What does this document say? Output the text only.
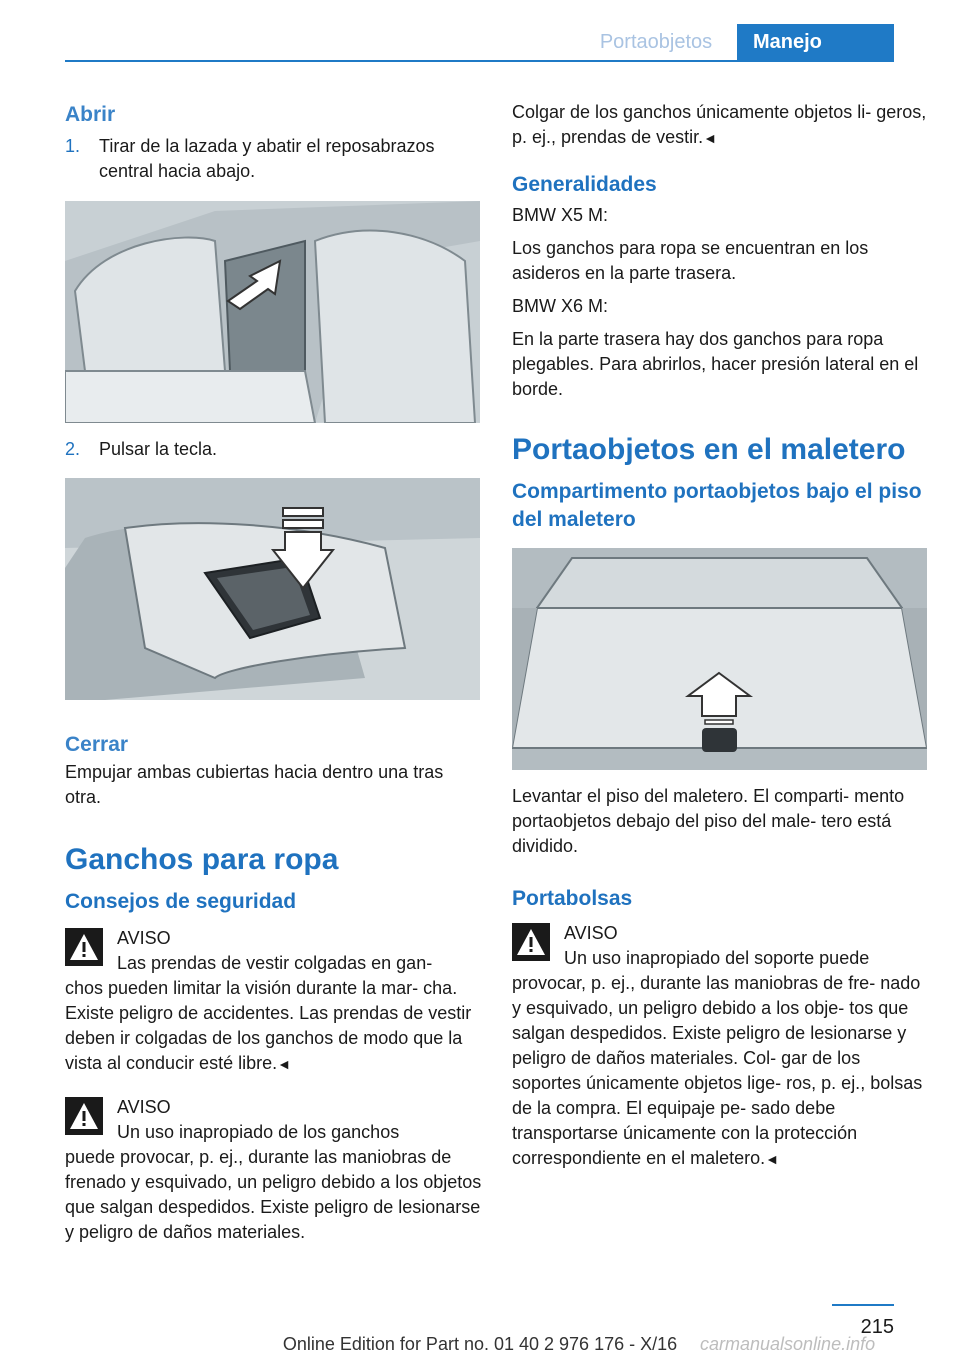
Portaobjetos	Manejo
Abrir
1. Tirar de la lazada y abatir el reposabrazos central hacia abajo.
2. Pulsar la tecla.
Cerrar

Empujar ambas cubiertas hacia dentro una tras otra.

Ganchos para ropa
Consejos de seguridad
AVISO
Las prendas de vestir colgadas en gan‐
chos pueden limitar la visión durante la mar‐ cha. Existe peligro de accidentes. Las prendas de vestir deben ir colgadas de los ganchos de modo que la vista al conducir esté libre.◄
AVISO
Un uso inapropiado de los ganchos
puede provocar, p. ej., durante las maniobras de frenado y esquivado, un peligro debido a los objetos que salgan despedidos. Existe peligro de lesionarse y peligro de daños materiales.

Colgar de los ganchos únicamente objetos li‐ geros, p. ej., prendas de vestir.◄

Generalidades

BMW X5 M:

Los ganchos para ropa se encuentran en los asideros en la parte trasera.

BMW X6 M:

En la parte trasera hay dos ganchos para ropa plegables. Para abrirlos, hacer presión lateral en el borde.

Portaobjetos en el maletero
Compartimento portaobjetos bajo el piso del maletero

Levantar el piso del maletero. El comparti‐ mento portaobjetos debajo del piso del male‐ tero está dividido.

Portabolsas
AVISO
Un uso inapropiado del soporte puede
provocar, p. ej., durante las maniobras de fre‐ nado y esquivado, un peligro debido a los obje‐ tos que salgan despedidos. Existe peligro de lesionarse y peligro de daños materiales. Col‐ gar de los soportes únicamente objetos lige‐ ros, p. ej., bolsas de la compra. El equipaje pe‐ sado debe transportarse únicamente con la protección correspondiente en el maletero.◄
215
Online Edition for Part no. 01 40 2 976 176 - X/16	carmanualsonline.info
